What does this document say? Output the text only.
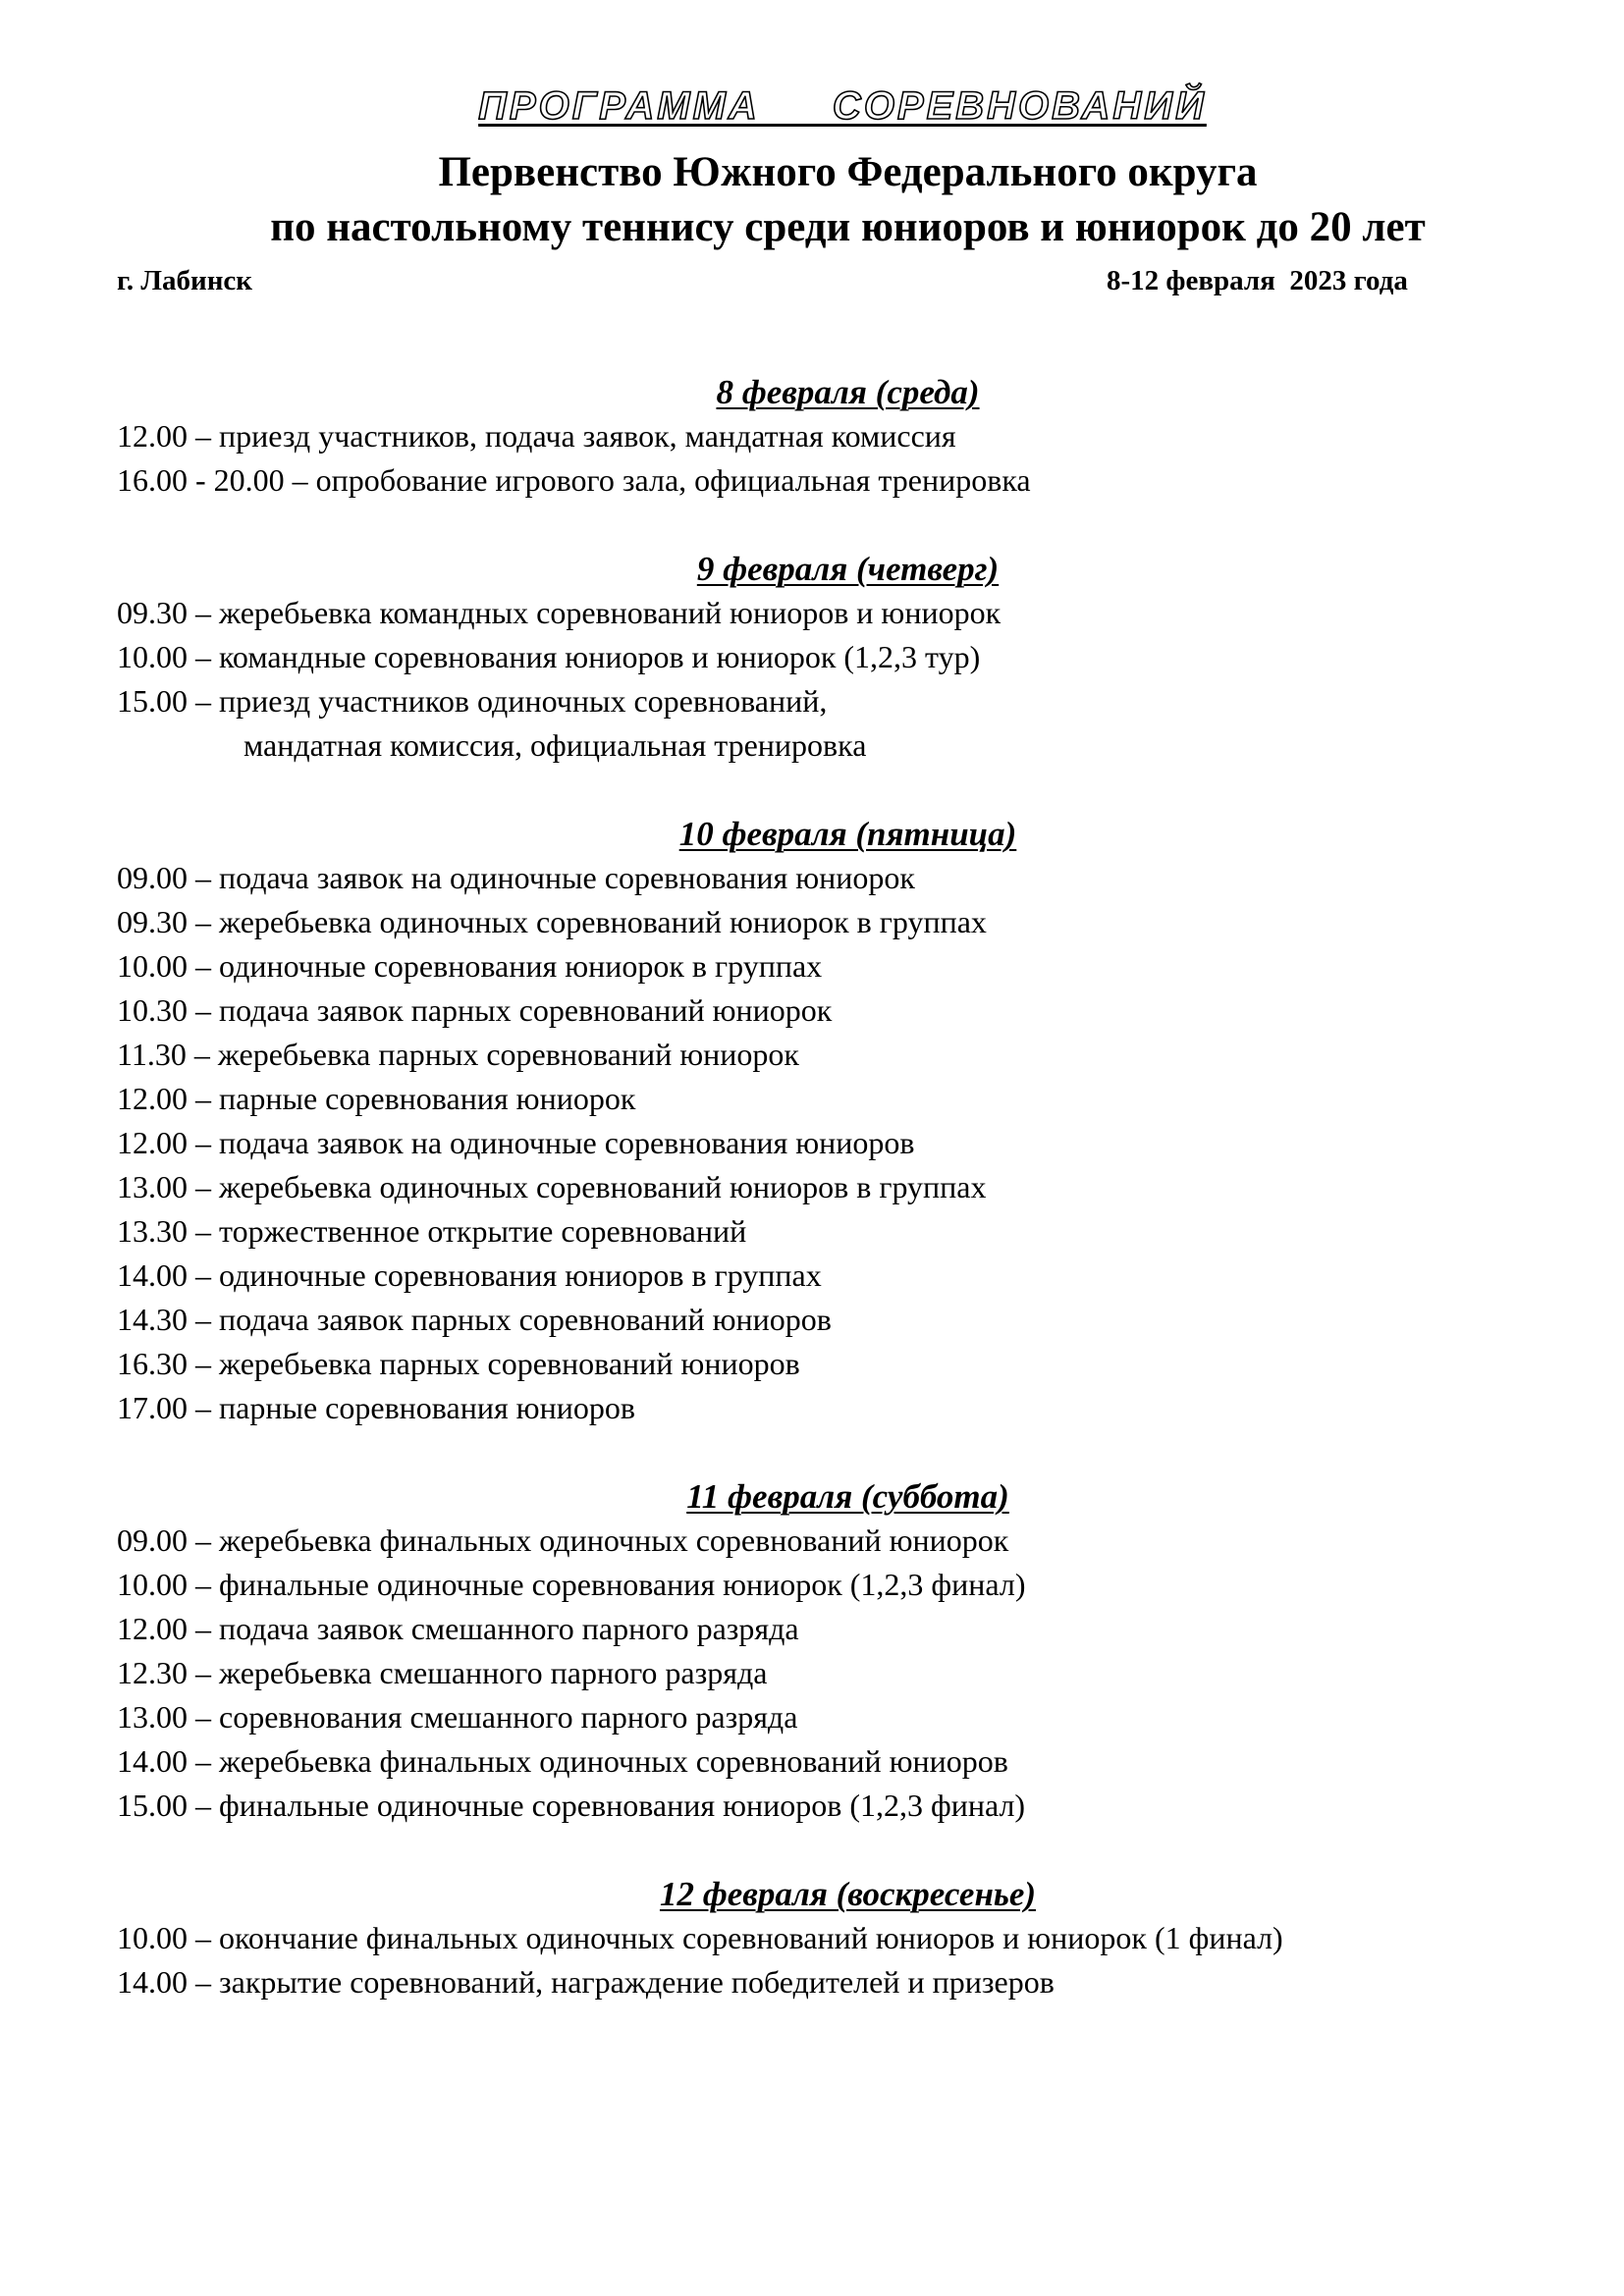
ПРОГРАММА СОРЕВНОВАНИЙ
Первенство Южного Федерального округа
по настольному теннису среди юниоров и юниорок до 20 лет
г. Лабинск	8-12 февраля  2023 года
8 февраля (среда)
12.00 – приезд участников, подача заявок, мандатная комиссия
16.00 - 20.00 – опробование игрового зала, официальная тренировка
9 февраля (четверг)
09.30 – жеребьевка командных соревнований юниоров и юниорок
10.00 – командные соревнования юниоров и юниорок (1,2,3 тур)
15.00 – приезд участников одиночных соревнований,
мандатная комиссия, официальная тренировка
10 февраля (пятница)
09.00 – подача заявок на одиночные соревнования юниорок
09.30 – жеребьевка одиночных соревнований юниорок в группах
10.00 – одиночные соревнования юниорок в группах
10.30 – подача заявок парных соревнований юниорок
11.30 – жеребьевка парных соревнований юниорок
12.00 – парные соревнования юниорок
12.00 – подача заявок на одиночные соревнования юниоров
13.00 – жеребьевка одиночных соревнований юниоров в группах
13.30 – торжественное открытие соревнований
14.00 – одиночные соревнования юниоров в группах
14.30 – подача заявок парных соревнований юниоров
16.30 – жеребьевка парных соревнований юниоров
17.00 – парные соревнования юниоров
11 февраля (суббота)
09.00 – жеребьевка финальных одиночных соревнований юниорок
10.00 – финальные одиночные соревнования юниорок (1,2,3 финал)
12.00 – подача заявок смешанного парного разряда
12.30 – жеребьевка смешанного парного разряда
13.00 – соревнования смешанного парного разряда
14.00 – жеребьевка финальных одиночных соревнований юниоров
15.00 – финальные одиночные соревнования юниоров (1,2,3 финал)
12 февраля (воскресенье)
10.00 – окончание финальных одиночных соревнований юниоров и юниорок (1 финал)
14.00 – закрытие соревнований, награждение победителей и призеров
